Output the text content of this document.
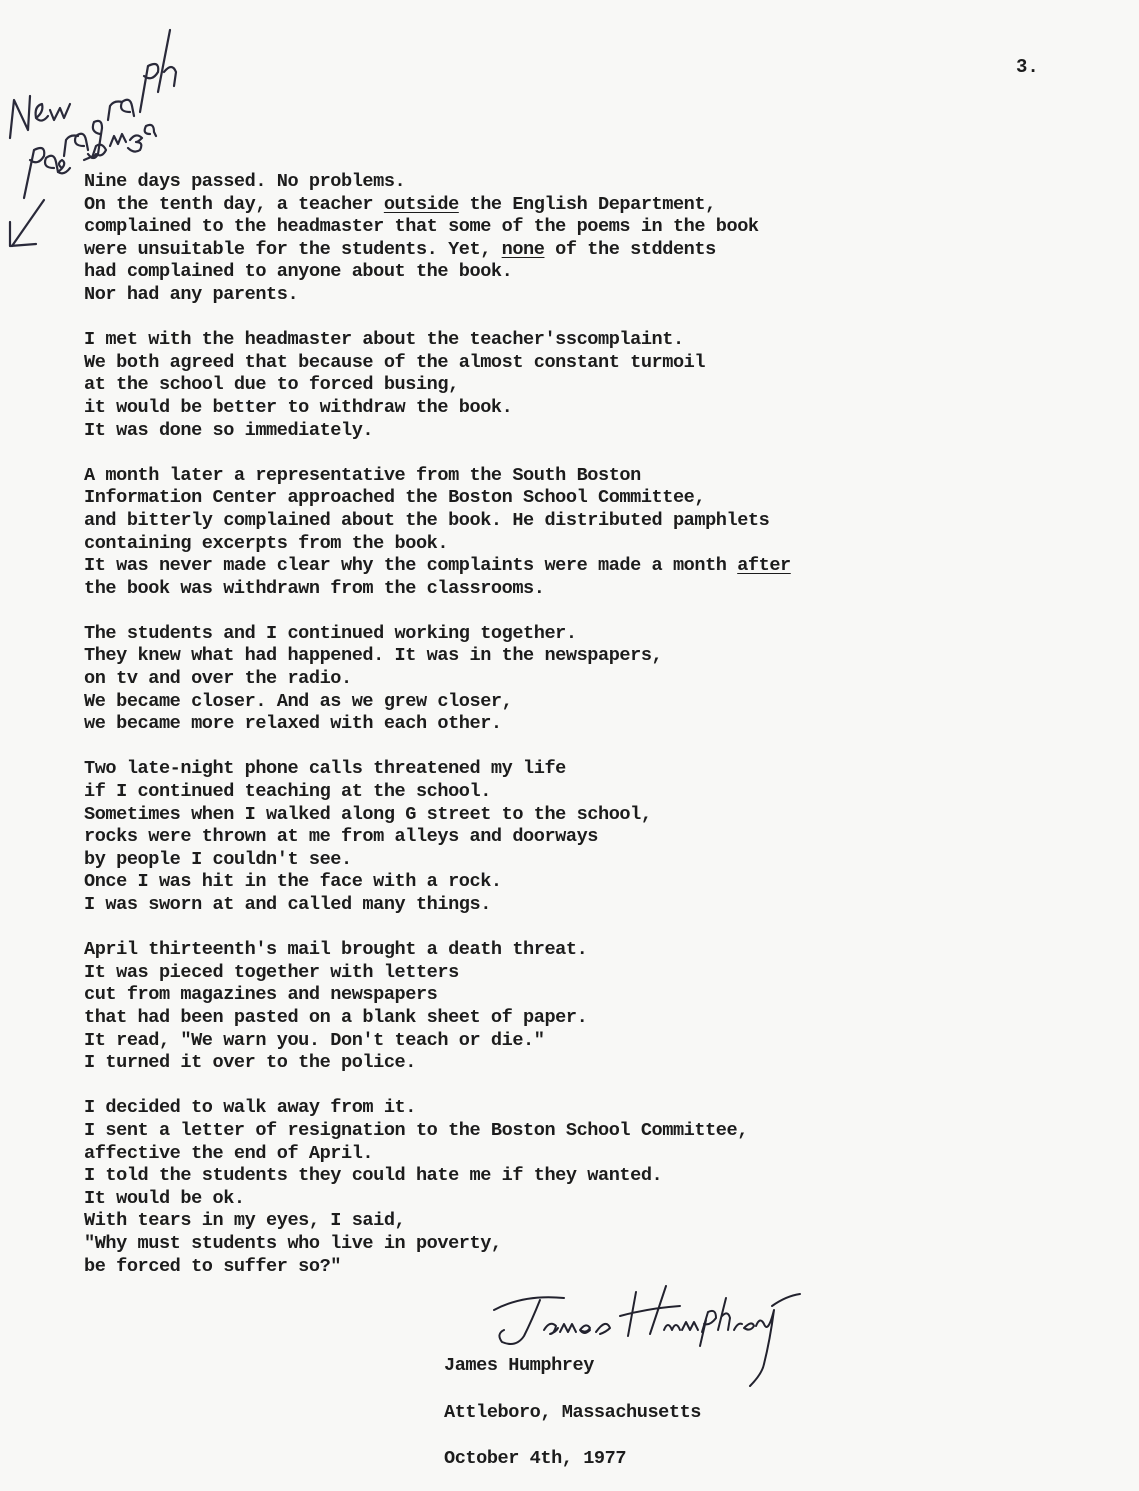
3.
Nine days passed. No problems.
On the tenth day, a teacher outside the English Department,
complained to the headmaster that some of the poems in the book
were unsuitable for the students. Yet, none of the stddents
had complained to anyone about the book.
Nor had any parents.
I met with the headmaster about the teacher'sscomplaint.
We both agreed that because of the almost constant turmoil
at the school due to forced busing,
it would be better to withdraw the book.
It was done so immediately.
A month later a representative from the South Boston
Information Center approached the Boston School Committee,
and bitterly complained about the book. He distributed pamphlets
containing excerpts from the book.
It was never made clear why the complaints were made a month after
the book was withdrawn from the classrooms.
The students and I continued working together.
They knew what had happened. It was in the newspapers,
on tv and over the radio.
We became closer. And as we grew closer,
we became more relaxed with each other.
Two late-night phone calls threatened my life
if I continued teaching at the school.
Sometimes when I walked along G street to the school,
rocks were thrown at me from alleys and doorways
by people I couldn't see.
Once I was hit in the face with a rock.
I was sworn at and called many things.
April thirteenth's mail brought a death threat.
It was pieced together with letters
cut from magazines and newspapers
that had been pasted on a blank sheet of paper.
It read, "We warn you. Don't teach or die."
I turned it over to the police.
I decided to walk away from it.
I sent a letter of resignation to the Boston School Committee,
affective the end of April.
I told the students they could hate me if they wanted.
It would be ok.
With tears in my eyes, I said,
"Why must students who live in poverty,
be forced to suffer so?"
James Humphrey
Attleboro, Massachusetts
October 4th, 1977
